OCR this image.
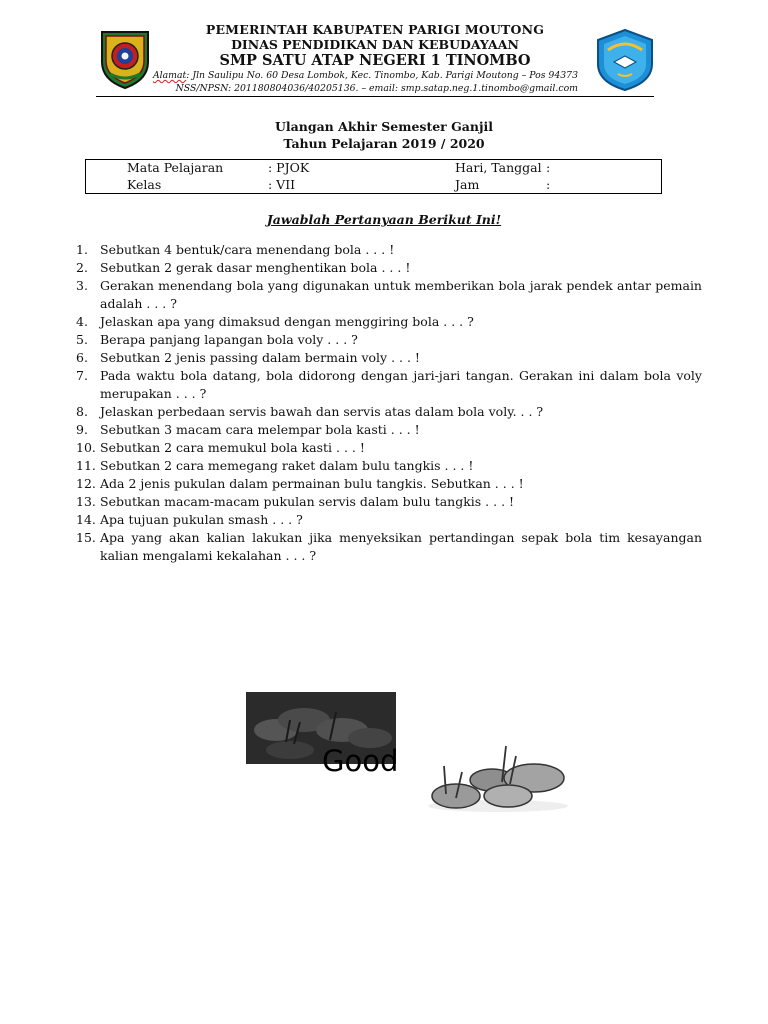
PEMERINTAH KABUPATEN PARIGI MOUTONG
DINAS PENDIDIKAN DAN KEBUDAYAAN
SMP SATU ATAP NEGERI 1 TINOMBO
Alamat: Jln Saulipu No. 60 Desa Lombok, Kec. Tinombo, Kab. Parigi Moutong – Pos 94373
NSS/NPSN: 201180804036/40205136. – email: smp.satap.neg.1.tinombo@gmail.com
Ulangan Akhir Semester Ganjil
Tahun Pelajaran 2019 / 2020
Mata Pelajaran	: PJOK	Hari, Tanggal :
Kelas	: VII	Jam	:
Jawablah Pertanyaan Berikut Ini!
1. Sebutkan 4 bentuk/cara menendang bola . . . !
2. Sebutkan 2 gerak dasar menghentikan bola . . . !
3. Gerakan menendang bola yang digunakan untuk memberikan bola jarak pendek antar pemain adalah . . . ?
4. Jelaskan apa yang dimaksud dengan menggiring bola . . . ?
5. Berapa panjang lapangan bola voly . . . ?
6. Sebutkan 2 jenis passing dalam bermain voly . . . !
7. Pada waktu bola datang, bola didorong dengan jari-jari tangan. Gerakan ini dalam bola voly merupakan . . . ?
8. Jelaskan perbedaan servis bawah dan servis atas dalam bola voly. . . ?
9. Sebutkan 3 macam cara melempar bola kasti . . . !
10. Sebutkan 2 cara memukul bola kasti . . . !
11. Sebutkan 2 cara memegang raket dalam bulu tangkis . . . !
12. Ada 2 jenis pukulan dalam permainan bulu tangkis. Sebutkan . . . !
13. Sebutkan macam-macam pukulan servis dalam bulu tangkis . . . !
14. Apa tujuan pukulan smash . . . ?
15. Apa yang akan kalian lakukan jika menyeksikan pertandingan sepak bola tim kesayangan kalian mengalami kekalahan . . . ?
Good
